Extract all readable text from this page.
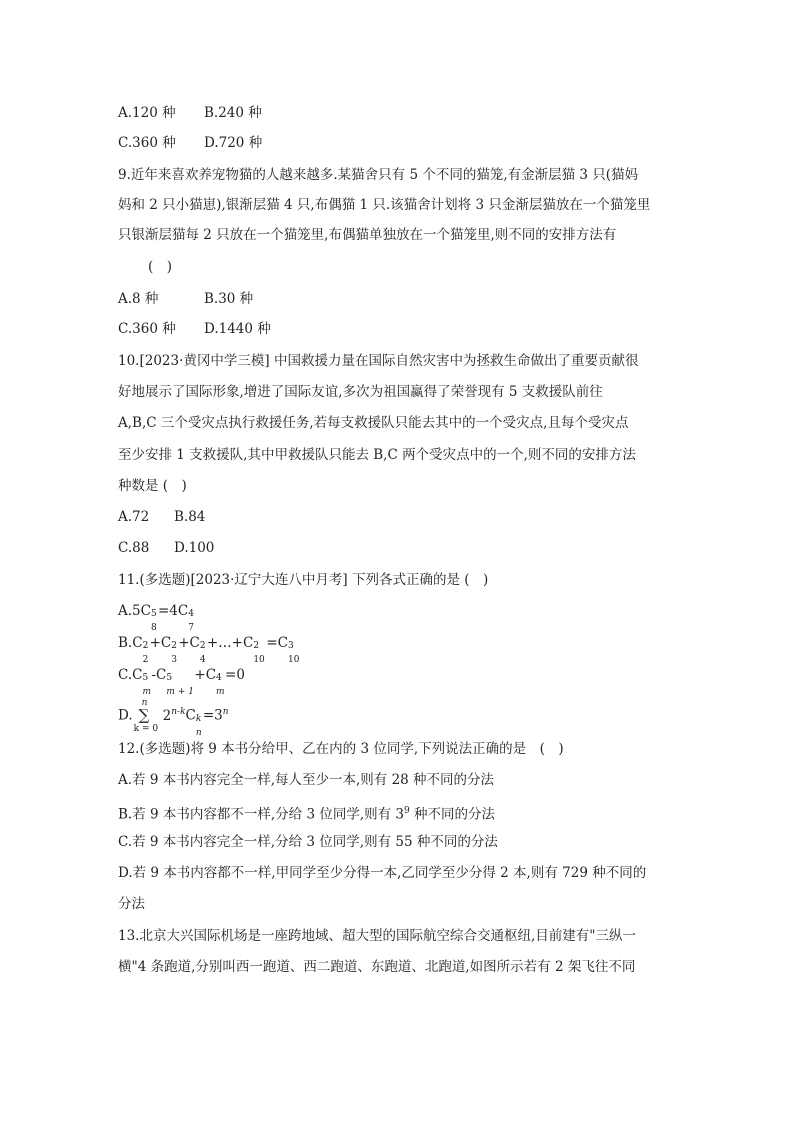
A.120 种 B.240 种
C.360 种 D.720 种
9.近年来喜欢养宠物猫的人越来越多.某猫舍只有 5 个不同的猫笼,有金渐层猫 3 只(猫妈
妈和 2 只小猫崽),银渐层猫 4 只,布偶猫 1 只.该猫舍计划将 3 只金渐层猫放在一个猫笼里
只银渐层猫每 2 只放在一个猫笼里,布偶猫单独放在一个猫笼里,则不同的安排方法有
(　)
A.8 种	B.30 种
C.360 种 D.1440 种
10.[2023·黄冈中学三模] 中国救援力量在国际自然灾害中为拯救生命做出了重要贡献很
好地展示了国际形象,增进了国际友谊,多次为祖国赢得了荣誉现有 5 支救援队前往
A,B,C 三个受灾点执行救援任务,若每支救援队只能去其中的一个受灾点,且每个受灾点
至少安排 1 支救援队,其中甲救援队只能去 B,C 两个受灾点中的一个,则不同的安排方法
种数是 (　)
A.72 B.84
C.88 D.100
11.(多选题)[2023·辽宁大连八中月考] 下列各式正确的是 (　)
A.5C 5
8
=4C 4
7
B.C 2
2
+C 2
3
+C 2
4
+…+C 2
10
=C 3
10
C.C 5
m
-C 5
m + 1
+C 4
m
=0
D.
n
∑
k = 0
2$^{n-k}$C k
n
$=3^n$
12.(多选题)将 9 本书分给甲、乙在内的 3 位同学,下列说法正确的是　(　)
A.若 9 本书内容完全一样,每人至少一本,则有 28 种不同的分法
B.若 9 本书内容都不一样,分给 3 位同学,则有 $3^9$ 种不同的分法
C.若 9 本书内容完全一样,分给 3 位同学,则有 55 种不同的分法
D.若 9 本书内容都不一样,甲同学至少分得一本,乙同学至少分得 2 本,则有 729 种不同的
分法
13.北京大兴国际机场是一座跨地域、超大型的国际航空综合交通枢纽,目前建有"三纵一
横"4 条跑道,分别叫西一跑道、西二跑道、东跑道、北跑道,如图所示若有 2 架飞往不同
